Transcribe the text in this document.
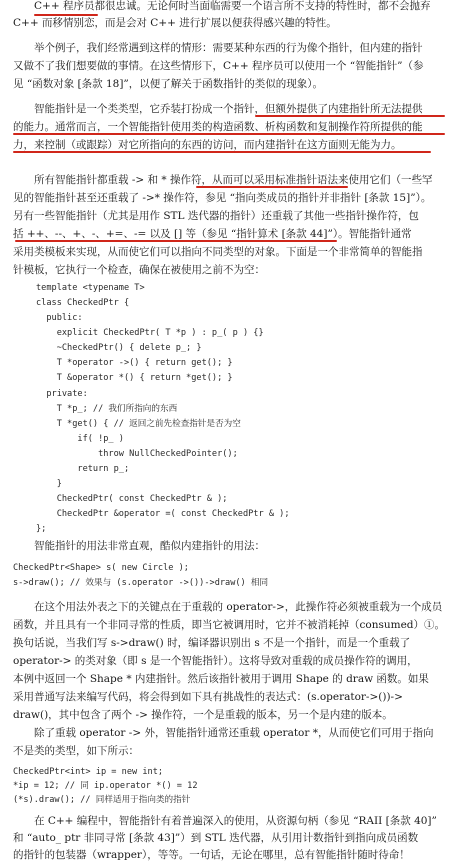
C++ 程序员都很忠诚。无论何时当面临需要一个语言所不支持的特性时，都不会抛弃
C++ 而移情别恋，而是会对 C++ 进行扩展以便获得感兴趣的特性。
举个例子，我们经常遇到这样的情形：需要某种东西的行为像个指针，但内建的指针
又做不了我们想要做的事情。在这些情形下，C++ 程序员可以使用一个 “智能指针”（参
见 “函数对象 [条款 18]”，以便了解关于函数指针的类似的现象）。
智能指针是一个类类型，它乔装打扮成一个指针，但额外提供了内建指针所无法提供
的能力。通常而言，一个智能指针使用类的构造函数、析构函数和复制操作符所提供的能
力，来控制（或跟踪）对它所指向的东西的访问，而内建指针在这方面则无能为力。
所有智能指针都重载 -> 和 * 操作符，从而可以采用标准指针语法来使用它们（一些罕
见的智能指针甚至还重载了 ->* 操作符，参见 “指向类成员的指针并非指针 [条款 15]”）。
另有一些智能指针（尤其是用作 STL 迭代器的指针）还重载了其他一些指针操作符，包
括 ++、--、+、-、+=、-= 以及 [] 等（参见 “指针算术 [条款 44]”）。智能指针通常
采用类模板来实现，从而使它们可以指向不同类型的对象。下面是一个非常简单的智能指
针模板，它执行一个检查，确保在被使用之前不为空：
template <typename T>
class CheckedPtr {
public:
explicit CheckedPtr( T *p ) : p_( p ) {}
~CheckedPtr() { delete p_; }
T *operator ->() { return get(); }
T &operator *() { return *get(); }
private:
T *p_; // 我们所指向的东西
T *get() { // 返回之前先检查指针是否为空
if( !p_ )
throw NullCheckedPointer();
return p_;
}
CheckedPtr( const CheckedPtr & );
CheckedPtr &operator =( const CheckedPtr & );
};
智能指针的用法非常直观，酷似内建指针的用法：
CheckedPtr<Shape> s( new Circle );
s->draw(); // 效果与 (s.operator ->())->draw() 相同
在这个用法外表之下的关键点在于重载的 operator->，此操作符必须被重载为一个成员
函数，并且具有一个非同寻常的性质，即当它被调用时，它并不被消耗掉（consumed）①。
换句话说，当我们写 s->draw() 时，编译器识别出 s 不是一个指针，而是一个重载了
operator-> 的类对象（即 s 是一个智能指针）。这将导致对重载的成员操作符的调用，
本例中返回一个 Shape * 内建指针。然后该指针被用于调用 Shape 的 draw 函数。如果
采用普通写法来编写代码，将会得到如下具有挑战性的表达式：(s.operator->())->
draw()，其中包含了两个 -> 操作符，一个是重载的版本，另一个是内建的版本。
除了重载 operator -> 外，智能指针通常还重载 operator *，从而使它们可用于指向
不是类的类型，如下所示：
CheckedPtr<int> ip = new int;
*ip = 12; // 同 ip.operator *() = 12
(*s).draw(); // 同样适用于指向类的指针
在 C++ 编程中，智能指针有着普遍深入的使用，从资源句柄（参见 “RAII [条款 40]”
和 “auto_ ptr 非同寻常 [条款 43]”）到 STL 迭代器，从引用计数指针到指向成员函数
的指针的包装器（wrapper），等等。一句话，无论在哪里，总有智能指针随时待命！
